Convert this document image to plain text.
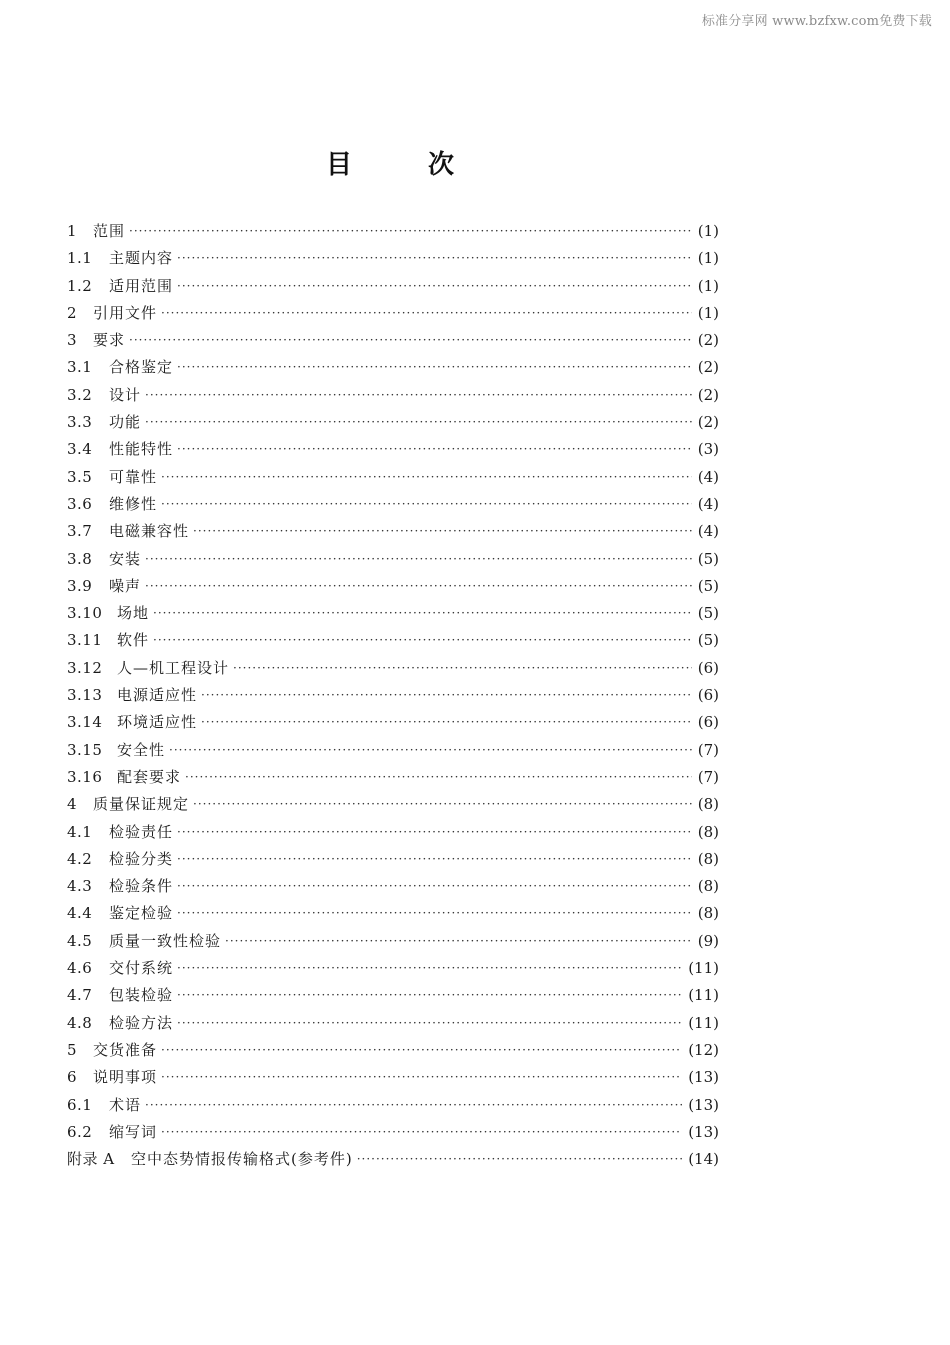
标准分享网 www.bzfxw.com免费下载
目次
1	范围 ·····	(1)
1.1	主题内容 ·····	(1)
1.2	适用范围 ·····	(1)
2	引用文件 ·····	(1)
3	要求 ·····	(2)
3.1	合格鉴定 ·····	(2)
3.2	设计 ·····	(2)
3.3	功能 ·····	(2)
3.4	性能特性 ·····	(3)
3.5	可靠性 ·····	(4)
3.6	维修性 ·····	(4)
3.7	电磁兼容性 ·····	(4)
3.8	安装 ·····	(5)
3.9	噪声 ·····	(5)
3.10 场地 ·····	(5)
3.11 软件 ·····	(5)
3.12 人—机工程设计 ·····	(6)
3.13 电源适应性 ·····	(6)
3.14 环境适应性 ·····	(6)
3.15 安全性 ·····	(7)
3.16 配套要求 ·····	(7)
4	质量保证规定 ·····	(8)
4.1	检验责任 ·····	(8)
4.2	检验分类 ·····	(8)
4.3	检验条件 ·····	(8)
4.4	鉴定检验 ·····	(8)
4.5	质量一致性检验 ·····	(9)
4.6	交付系统 ·····	(11)
4.7	包装检验 ·····	(11)
4.8	检验方法 ·····	(11)
5	交货准备 ·····	(12)
6	说明事项 ·····	(13)
6.1	术语 ·····	(13)
6.2	缩写词 ·····	(13)
附录 A	空中态势情报传输格式(参考件) ·····	(14)
